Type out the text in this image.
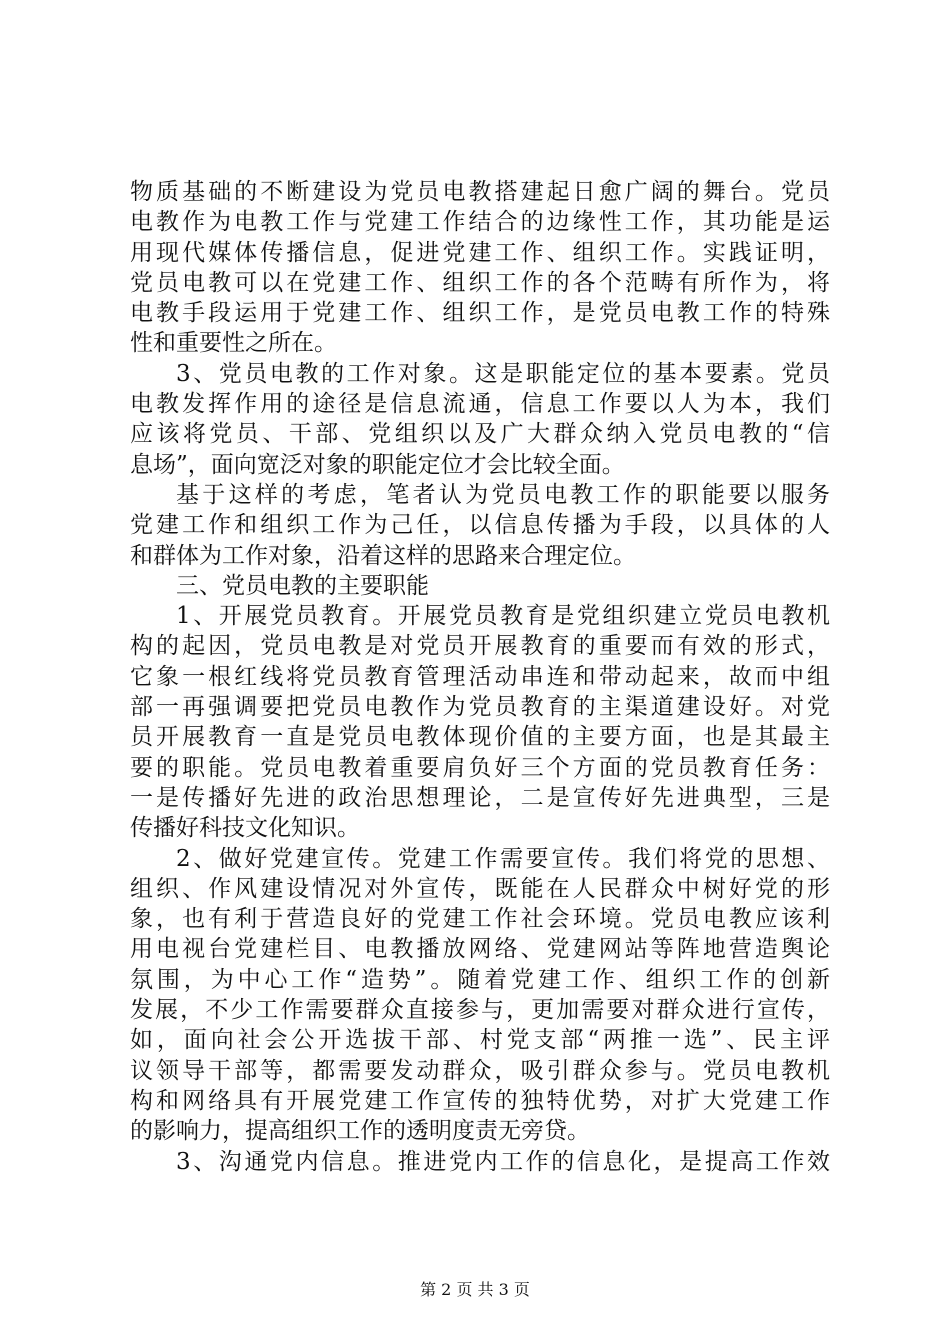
物质基础的不断建设为党员电教搭建起日愈广阔的舞台。党员
电教作为电教工作与党建工作结合的边缘性工作，其功能是运
用现代媒体传播信息，促进党建工作、组织工作。实践证明，
党员电教可以在党建工作、组织工作的各个范畴有所作为，将
电教手段运用于党建工作、组织工作，是党员电教工作的特殊
性和重要性之所在。
3、党员电教的工作对象。这是职能定位的基本要素。党员
电教发挥作用的途径是信息流通，信息工作要以人为本，我们
应该将党员、干部、党组织以及广大群众纳入党员电教的“信
息场”，面向宽泛对象的职能定位才会比较全面。
基于这样的考虑，笔者认为党员电教工作的职能要以服务
党建工作和组织工作为己任，以信息传播为手段，以具体的人
和群体为工作对象，沿着这样的思路来合理定位。
三、党员电教的主要职能
1、开展党员教育。开展党员教育是党组织建立党员电教机
构的起因，党员电教是对党员开展教育的重要而有效的形式，
它象一根红线将党员教育管理活动串连和带动起来，故而中组
部一再强调要把党员电教作为党员教育的主渠道建设好。对党
员开展教育一直是党员电教体现价值的主要方面，也是其最主
要的职能。党员电教着重要肩负好三个方面的党员教育任务：
一是传播好先进的政治思想理论，二是宣传好先进典型，三是
传播好科技文化知识。
2、做好党建宣传。党建工作需要宣传。我们将党的思想、
组织、作风建设情况对外宣传，既能在人民群众中树好党的形
象，也有利于营造良好的党建工作社会环境。党员电教应该利
用电视台党建栏目、电教播放网络、党建网站等阵地营造舆论
氛围，为中心工作“造势”。随着党建工作、组织工作的创新
发展，不少工作需要群众直接参与，更加需要对群众进行宣传，
如，面向社会公开选拔干部、村党支部“两推一选”、民主评
议领导干部等，都需要发动群众，吸引群众参与。党员电教机
构和网络具有开展党建工作宣传的独特优势，对扩大党建工作
的影响力，提高组织工作的透明度责无旁贷。
3、沟通党内信息。推进党内工作的信息化，是提高工作效
第 2 页 共 3 页
